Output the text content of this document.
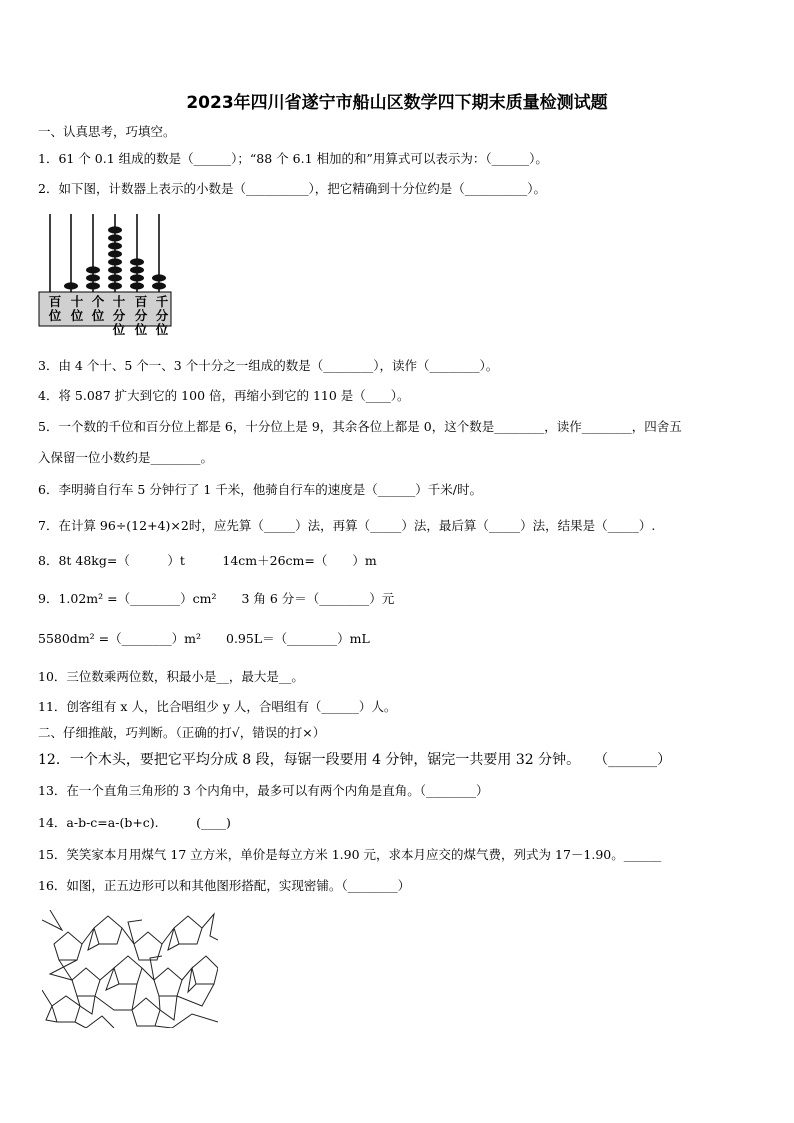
2023年四川省遂宁市船山区数学四下期末质量检测试题
一、认真思考，巧填空。
1．61 个 0.1 组成的数是（______）；“88 个 6.1 相加的和”用算式可以表示为：（______）。
2．如下图，计数器上表示的小数是（__________），把它精确到十分位约是（__________）。
百
位
十
位
个
位
十
分
位
百
分
位
千
分
位
3．由 4 个十、5 个一、3 个十分之一组成的数是（________），读作（________）。
4．将 5.087 扩大到它的 100 倍，再缩小到它的 110 是（____）。
5．一个数的千位和百分位上都是 6，十分位上是 9，其余各位上都是 0，这个数是________，读作________，四舍五
入保留一位小数约是________。
6．李明骑自行车 5 分钟行了 1 千米，他骑自行车的速度是（______）千米/时。
7．在计算 96÷(12+4)×2时，应先算（_____）法，再算（_____）法，最后算（_____）法，结果是（_____）.
8．8t 48kg=（　　　）t　　　14cm＋26cm=（　　）m
9．1.02m² =（________）cm²　　3 角 6 分＝（________）元
5580dm² =（________）m²　　0.95L＝（________）mL
10．三位数乘两位数，积最小是__，最大是__。
11．创客组有 x 人，比合唱组少 y 人，合唱组有（______）人。
二、仔细推敲，巧判断。（正确的打√，错误的打×）
12．一个木头，要把它平均分成 8 段，每锯一段要用 4 分钟，锯完一共要用 32 分钟。　　（_______）
13．在一个直角三角形的 3 个内角中，最多可以有两个内角是直角。（________）
14．a-b-c=a-(b+c).　　　(____)
15．笑笑家本月用煤气 17 立方米，单价是每立方米 1.90 元，求本月应交的煤气费，列式为 17－1.90。______
16．如图，正五边形可以和其他图形搭配，实现密铺。（________）
